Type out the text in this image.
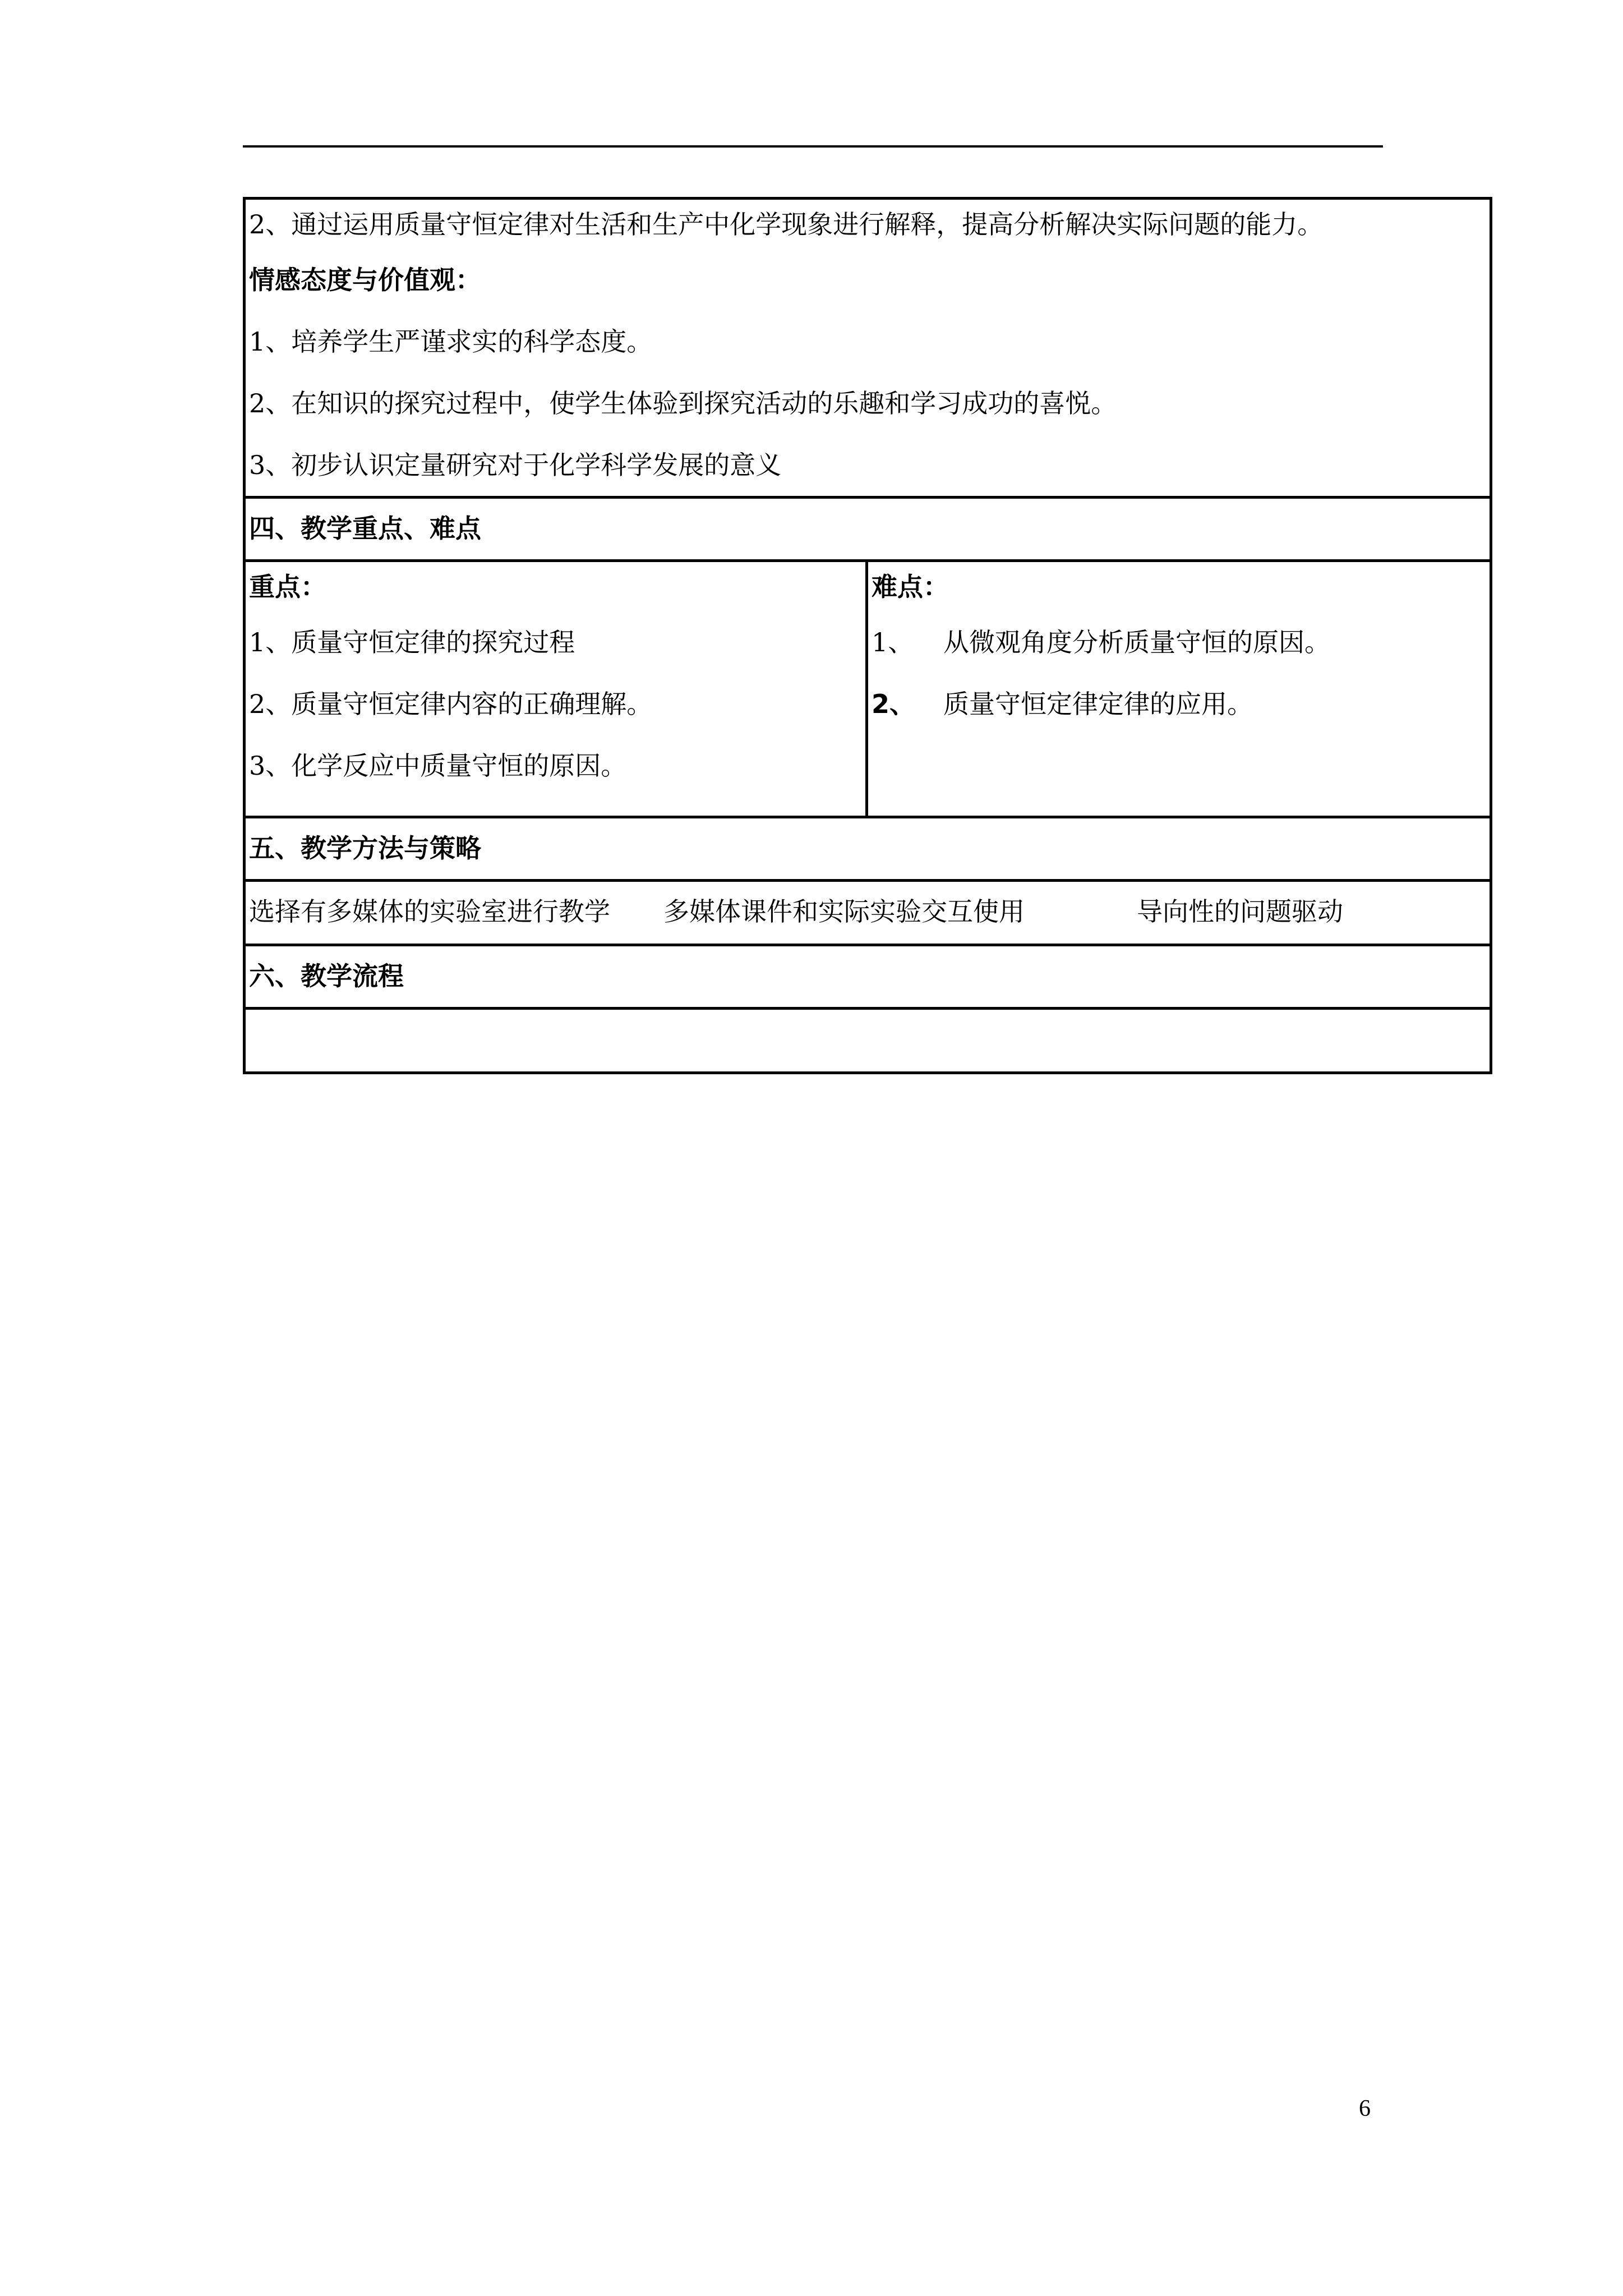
2、通过运用质量守恒定律对生活和生产中化学现象进行解释，提高分析解决实际问题的能力。
情感态度与价值观：
1、培养学生严谨求实的科学态度。
2、在知识的探究过程中，使学生体验到探究活动的乐趣和学习成功的喜悦。
3、初步认识定量研究对于化学科学发展的意义

四、教学重点、难点

重点：
1、质量守恒定律的探究过程
2、质量守恒定律内容的正确理解。
3、化学反应中质量守恒的原因。

难点：
1、 从微观角度分析质量守恒的原因。
2、 质量守恒定律定律的应用。

五、教学方法与策略

选择有多媒体的实验室进行教学 多媒体课件和实际实验交互使用	导向性的问题驱动

六、教学流程

6
